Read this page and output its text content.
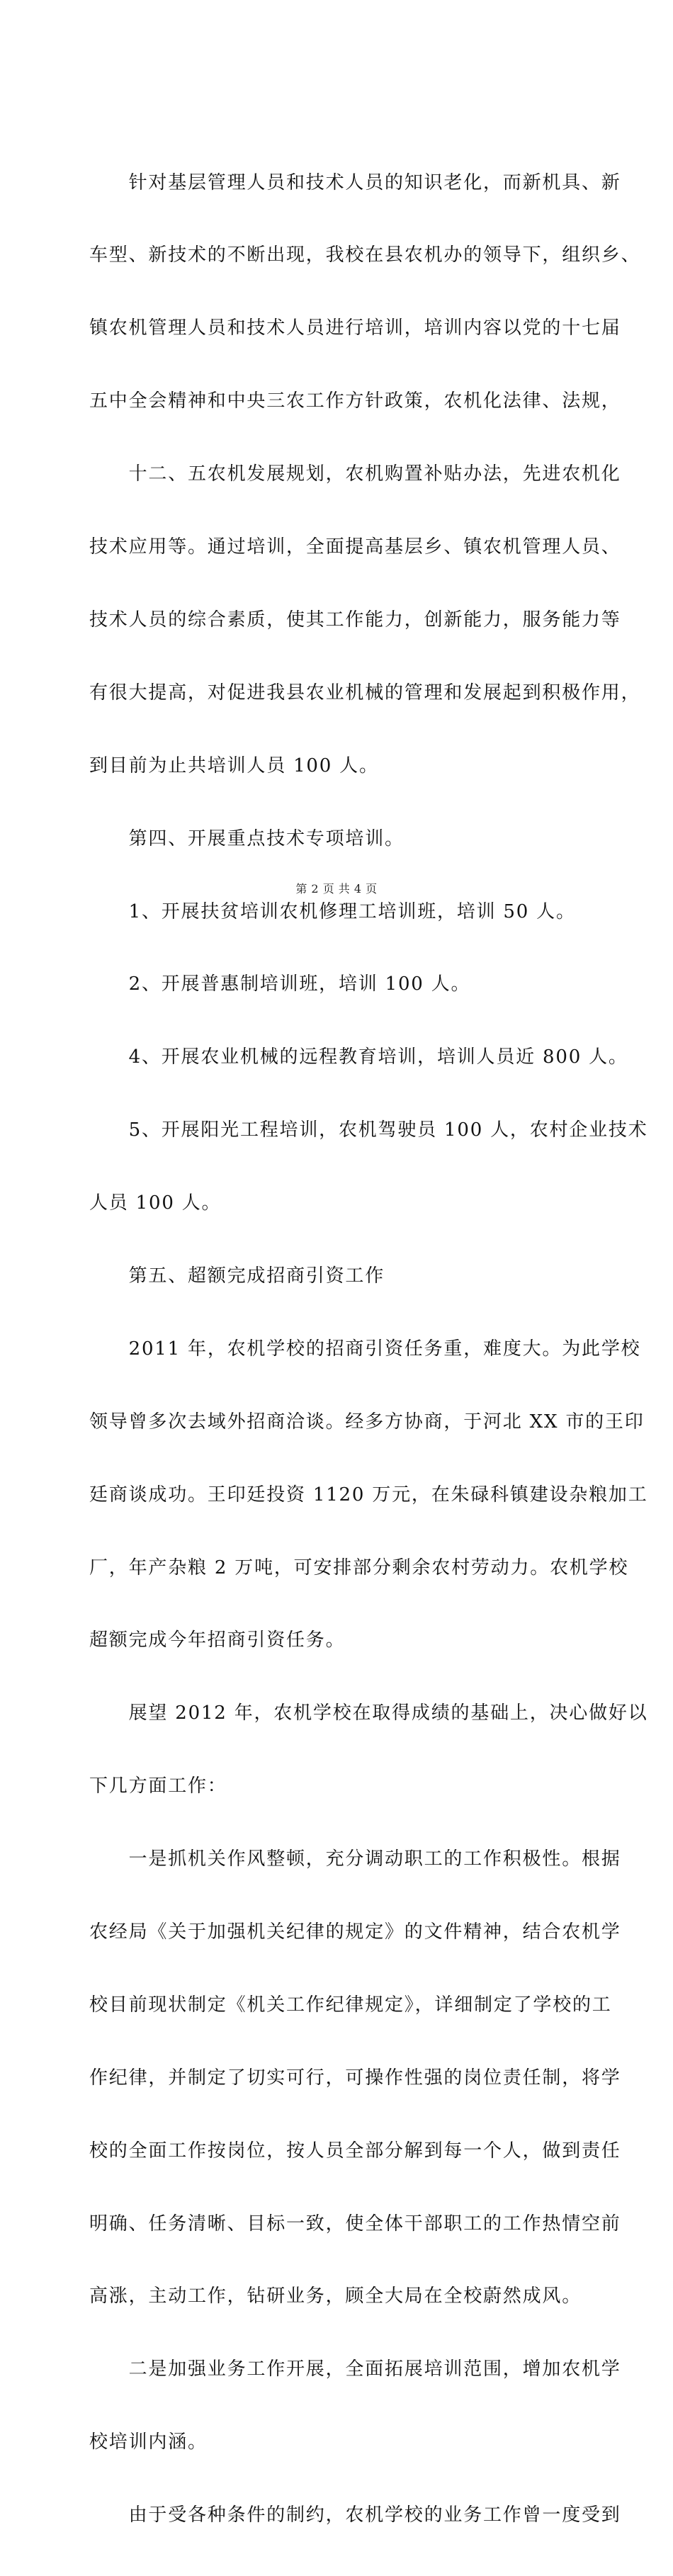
　　针对基层管理人员和技术人员的知识老化，而新机具、新

车型、新技术的不断出现，我校在县农机办的领导下，组织乡、

镇农机管理人员和技术人员进行培训，培训内容以党的十七届

五中全会精神和中央三农工作方针政策，农机化法律、法规，

　　十二、五农机发展规划，农机购置补贴办法，先进农机化

技术应用等。通过培训，全面提高基层乡、镇农机管理人员、

技术人员的综合素质，使其工作能力，创新能力，服务能力等

有很大提高，对促进我县农业机械的管理和发展起到积极作用，

到目前为止共培训人员 100 人。

　　第四、开展重点技术专项培训。

　　1、开展扶贫培训农机修理工培训班，培训 50 人。

　　2、开展普惠制培训班，培训 100 人。

　　4、开展农业机械的远程教育培训，培训人员近 800 人。

　　5、开展阳光工程培训，农机驾驶员 100 人，农村企业技术

人员 100 人。

　　第五、超额完成招商引资工作

　　2011 年，农机学校的招商引资任务重，难度大。为此学校

领导曾多次去域外招商洽谈。经多方协商，于河北 XX 市的王印

廷商谈成功。王印廷投资 1120 万元，在朱碌科镇建设杂粮加工

厂，年产杂粮 2 万吨，可安排部分剩余农村劳动力。农机学校

超额完成今年招商引资任务。

　　展望 2012 年，农机学校在取得成绩的基础上，决心做好以

下几方面工作：

　　一是抓机关作风整顿，充分调动职工的工作积极性。根据

农经局《关于加强机关纪律的规定》的文件精神，结合农机学

校目前现状制定《机关工作纪律规定》，详细制定了学校的工

作纪律，并制定了切实可行，可操作性强的岗位责任制，将学

校的全面工作按岗位，按人员全部分解到每一个人，做到责任

明确、任务清晰、目标一致，使全体干部职工的工作热情空前

高涨，主动工作，钻研业务，顾全大局在全校蔚然成风。

　　二是加强业务工作开展，全面拓展培训范围，增加农机学

校培训内涵。

　　由于受各种条件的制约，农机学校的业务工作曾一度受到

第 2 页 共 4 页
